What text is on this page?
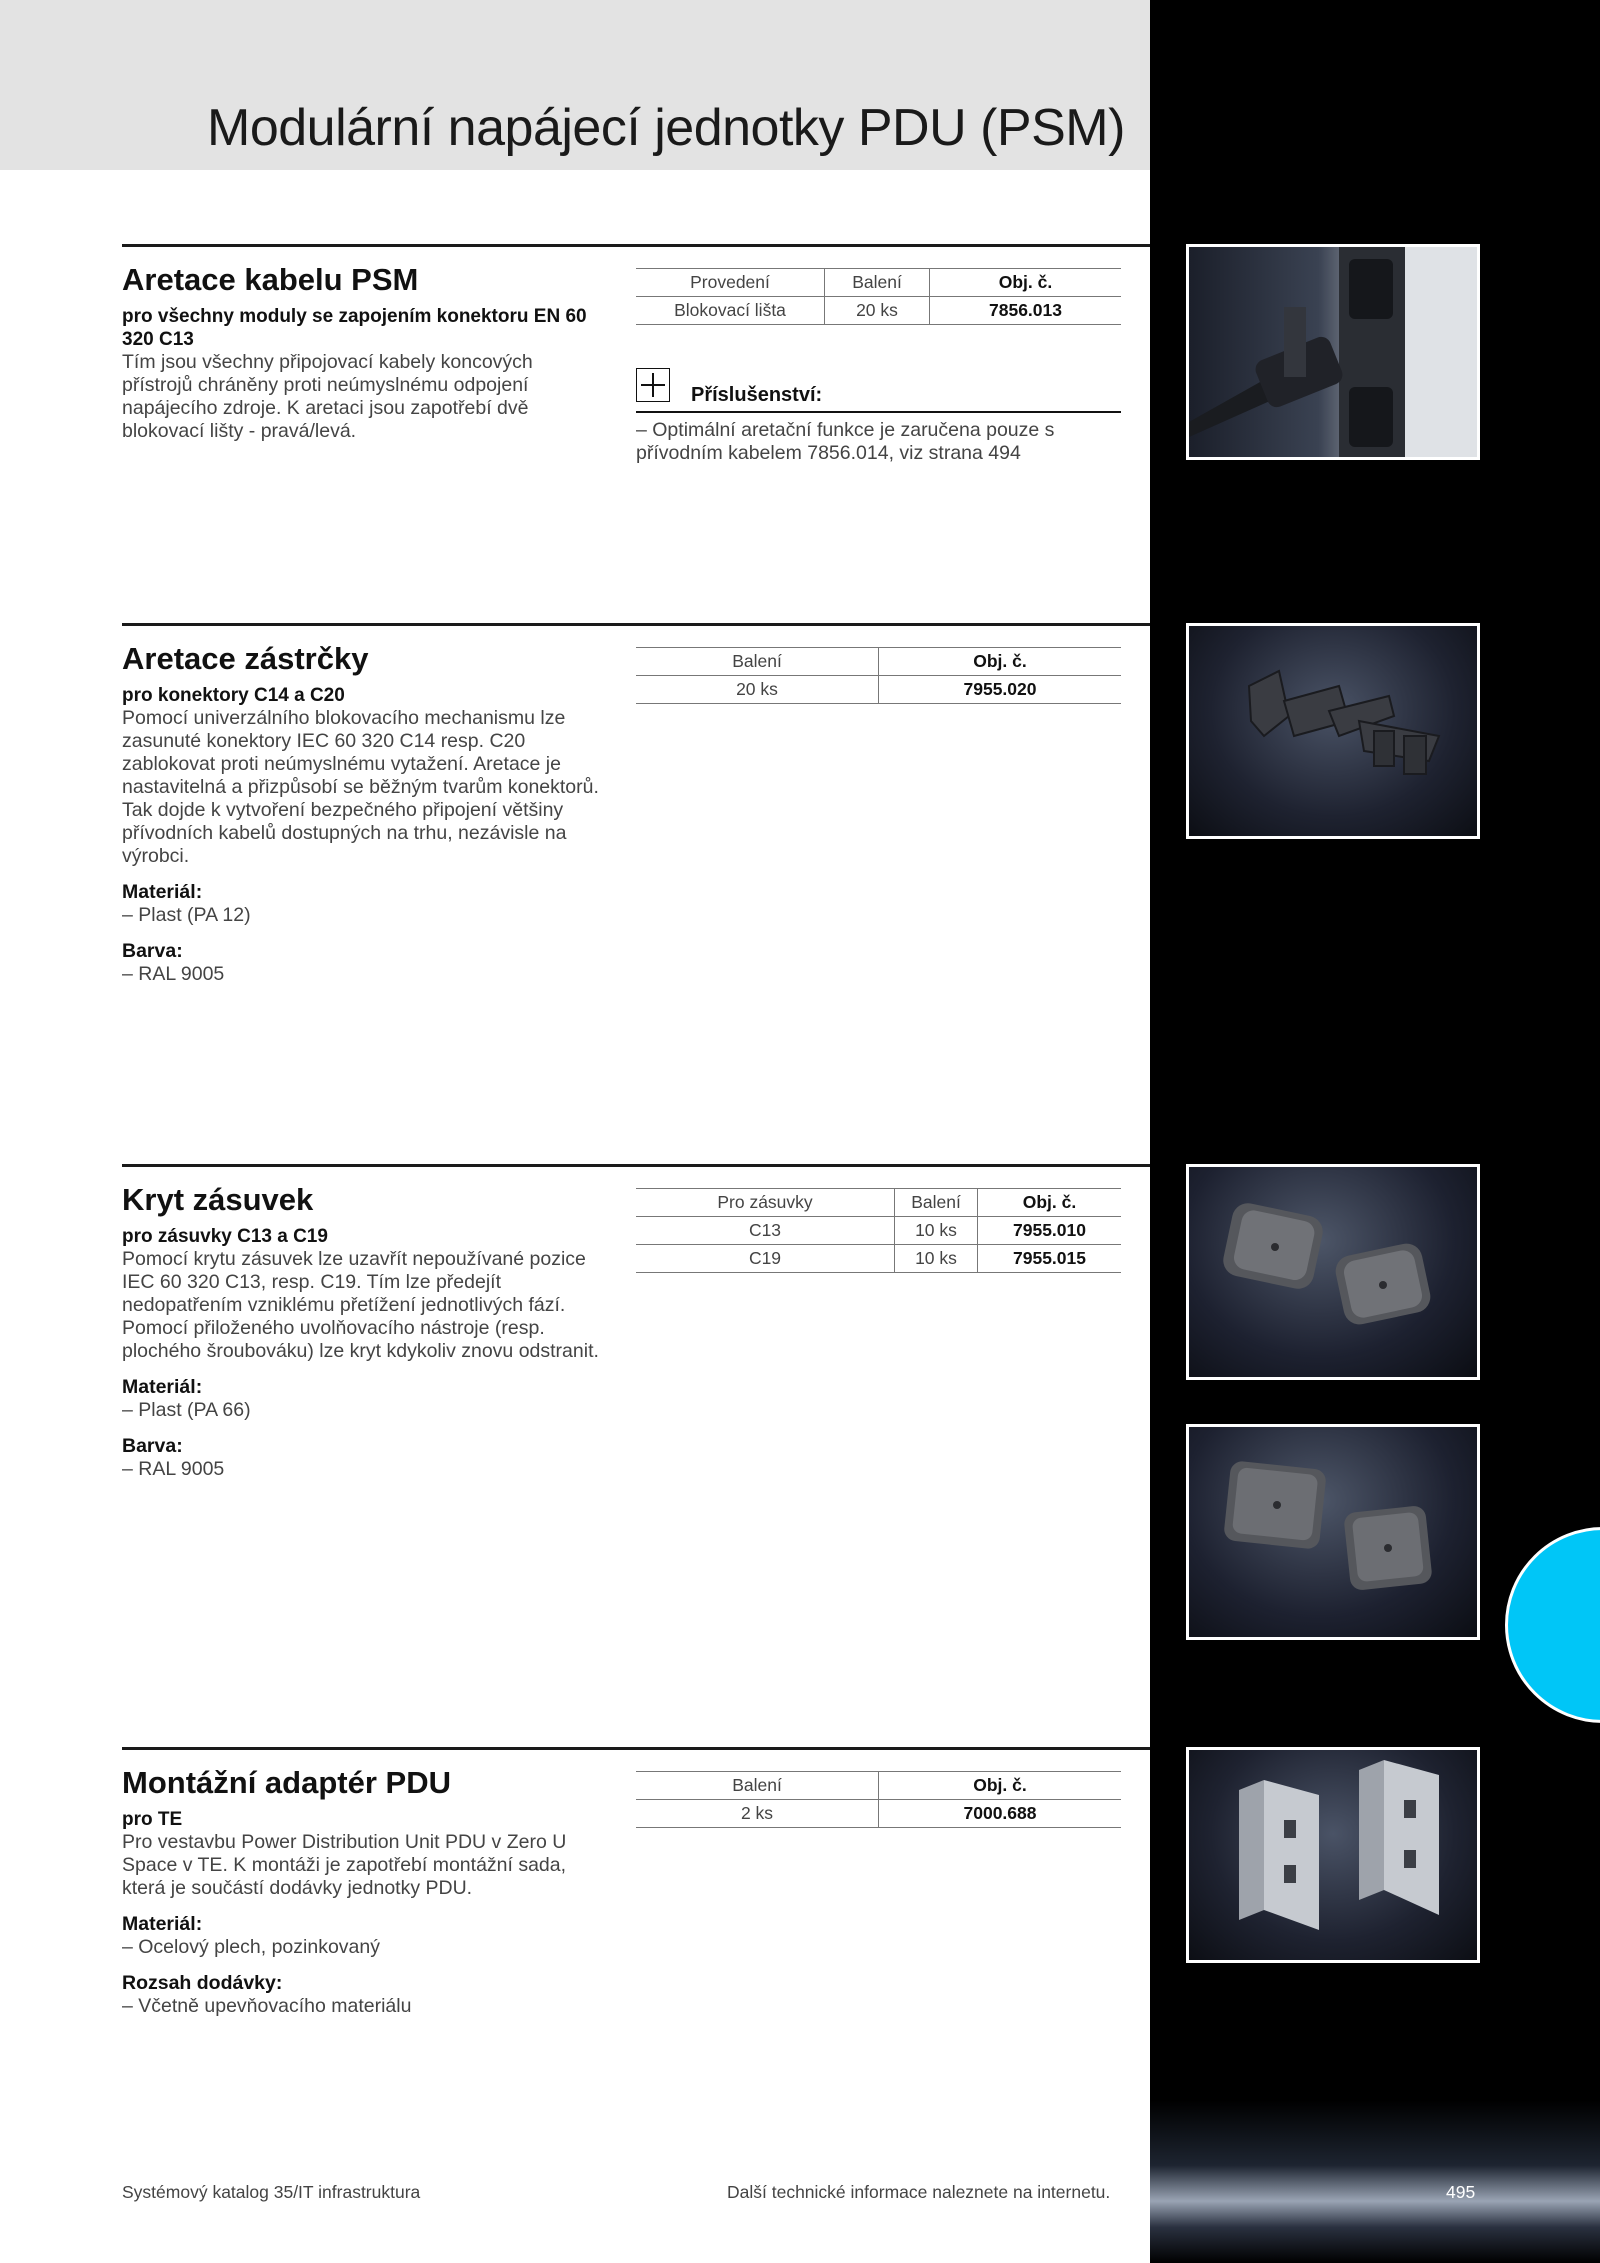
Modulární napájecí jednotky PDU (PSM)
Aretace kabelu PSM
pro všechny moduly se zapojením konektoru EN 60 320 C13
Tím jsou všechny připojovací kabely koncových přístrojů chráněny proti neúmyslnému odpojení napájecího zdroje. K aretaci jsou zapotřebí dvě blokovací lišty - pravá/levá.
Provedení	Balení	Obj. č.
Blokovací lišta	20 ks	7856.013
Příslušenství:
– Optimální aretační funkce je zaručena pouze s přívodním kabelem 7856.014, viz strana 494
Aretace zástrčky
pro konektory C14 a C20
Pomocí univerzálního blokovacího mechanismu lze zasunuté konektory IEC 60 320 C14 resp. C20 zablokovat proti neúmyslnému vytažení. Aretace je nastavitelná a přizpůsobí se běžným tvarům konektorů. Tak dojde k vytvoření bezpečného připojení většiny přívodních kabelů dostupných na trhu, nezávisle na výrobci.
Materiál:
– Plast (PA 12)
Barva:
– RAL 9005
Balení	Obj. č.
20 ks	7955.020
Kryt zásuvek
pro zásuvky C13 a C19
Pomocí krytu zásuvek lze uzavřít nepoužívané pozice IEC 60 320 C13, resp. C19. Tím lze předejít nedopatřením vzniklému přetížení jednotlivých fází. Pomocí přiloženého uvolňovacího nástroje (resp. plochého šroubováku) lze kryt kdykoliv znovu odstranit.
Materiál:
– Plast (PA 66)
Barva:
– RAL 9005
Pro zásuvky	Balení	Obj. č.
C13	10 ks	7955.010
C19	10 ks	7955.015
Montážní adaptér PDU
pro TE
Pro vestavbu Power Distribution Unit PDU v Zero U Space v TE. K montáži je zapotřebí montážní sada, která je součástí dodávky jednotky PDU.
Materiál:
– Ocelový plech, pozinkovaný
Rozsah dodávky:
– Včetně upevňovacího materiálu
Balení	Obj. č.
2 ks	7000.688
Systémový katalog 35/IT infrastruktura	Další technické informace naleznete na internetu.	495
